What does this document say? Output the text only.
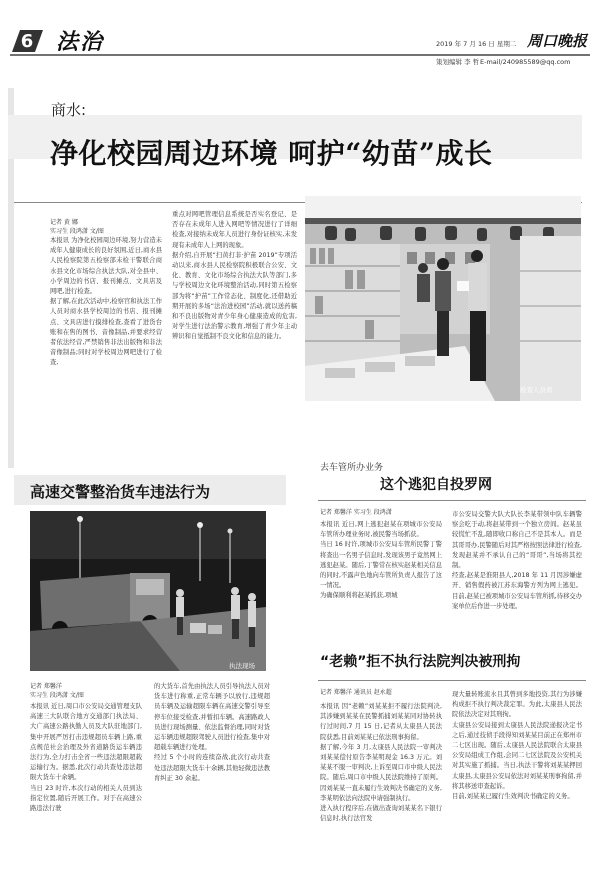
6	法治	2019 年 7 月 16 日 星期二 周口晚报
策划编辑 李 哲 E-mail/240985589@qq.com
商水:
净化校园周边环境 呵护“幼苗”成长
记者 黄 娜
实习生 段鸿潇 文/图
本报讯 为净化校园周边环境,努力营造未成年人健康成长的良好氛围,近日,商水县人民检察院第五检察部未检干警联合商水县文化市场综合执法大队,对全县中、小学周边的书店、报刊摊点、文具店及网吧,进行检查。
据了解,在此次活动中,检察官和执法工作人员对商水县学校周边的书店、报刊摊点、文具店进行摸排检查,查看了进货台账和在售的图书、音像制品,并要求经营者依法经营,严禁销售非法出版物和非法音像制品;同时对学校周边网吧进行了检查,
重点对网吧管理信息系统是否实名登记、是否存在未成年人进入网吧等情况进行了详细检查,对接纳未成年人员进行身份证核实,未发现有未成年人上网的现象。
据介绍,自开展“扫黄打非·护苗 2019”专项活动以来,商水县人民检察院积极联合公安、文化、教育、文化市场综合执法大队等部门,多与学校周边文化环境整治活动,同时第五检察部为将“护苗”工作常态化、制度化,还借助近期开展的多场“法治进校园”活动,就以送药稿和不良出版物对青少年身心健康造成的危害,对学生进行法治警示教育,增强了青少年主动辨识和自觉抵制不良文化和信息的能力。
检查人员看
高速交警整治货车违法行为
执法现场
记者 郑馨洋
实习生 段鸿潇 文/图
本报讯 近日,周口市公安局交通管理支队高速三大队联合地方交通部门执法局、大广高速公路执勤人员及大队驻地部门,集中开展严厉打击违规超员车辆上路,重点规范社会治理及外省道路货运车辆违法行为,全力打击全省一些违法超限超载运输行为。据悉,此次行动共查处违法超限大货车十余辆。
当日 23 时许,本次行动的相关人员到达指定位置,随后开展工作。对于在高速公路违法行驶
的大货车,首先由执法人员引导执法人员对货车进行称重,正常车辆予以放行,违规超员车辆及运输超限车辆在高速交警引导至停车位接受检查,并暂扣车辆。高速路政人员进行现场测量、依法监督治理,同时对货运车辆违规超限驾驶人员进行检查,集中对超载车辆进行处理。
经过 5 个小时的连续奋战,此次行动共查处违法超限大货车十余辆,其他轻微违法教育纠正 30 余起。
去车管所办业务
这个逃犯自投罗网
记者 郑馨洋 实习生 段鸿潇
本报讯 近日,网上逃犯赵某在项城市公安局车管所办理业务时,被民警当场抓获。
当日 16 时许,项城市公安局车管所民警丁警将查出一名男子信息时,发现该男子竟然网上逃犯赵某。随后,丁警常在核实赵某相关信息的同时,不露声色地向车管所负责人报告了这一情况。
为确保顺利将赵某抓获,项城
市公安局交警大队大队长李某带领中队车辆警察会吃于动,将赵某带到一个独立房间。赵某虽较慌忙不乱,随即收口称自己不是其本人。而是其哥哥办,民警随后对其严格按照法律进行检查,发现赵某并不承认自己的“哥哥”,当场将其控制。
经查,赵某是淮阳县人,2018 年 11 月因涉嫌虚开、销售假药被江苏东海警方列为网上逃犯。目前,赵某已被项城市公安局车管所抓,待移交办案单位后作进一步处理。
“老赖”拒不执行法院判决被刑拘
记者 郑馨洋 通讯员 赵永超
本报讯 因“老赖”刘某某拒不履行法院判决,其涉嫌到某某在民警抓捕刘某某同对协转执行过时间,7 月 15 日,记者从太康县人民法院获悉,目前刘某某已依法刑事拘留。
据了解,今年 3 月,太康县人民法院一审判决刘某某偿付原告李某明现金 16.3 万元。刘某某不服一审判决,上诉至周口市中级人民法院。随后,周口市中级人民法院维持了原判。因刘某某一直未履行生效判决书确定的义务,李某明依法向法院申请强制执行。
进入执行程序后,在做出查询刘某某名下银行信息时,执行法官发
现大量转账流水且其曾到多地投资,其行为涉嫌构成拒不执行判决裁定罪。为此,太康县人民法院依法决定对其刑拘。
太康县公安局接到太康县人民法院递报决定书之后,通过技侦手段得知刘某某目前正在郑州市二七区出现。随后,太康县人民法院联合太康县公安局组成工作组,会同二七区法院及公安机关对其实施了抓捕。当日,执法干警将刘某某押回太康县,太康县公安局依法对刘某某刑事拘留,并将其移送审查起诉。
目前,刘某某已履行生效判决书确定的义务。
